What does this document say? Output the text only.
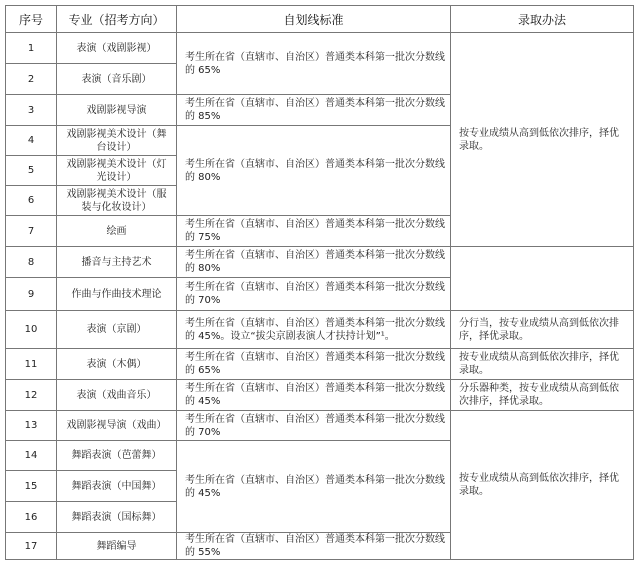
序号	专业（招考方向）	自划线标准	录取办法
1	表演（戏剧影视）	考生所在省（直辖市、自治区）普通类本科第一批次分数线的 65%	按专业成绩从高到低依次排序，择优录取。
2	表演（音乐剧）		
3	戏剧影视导演	考生所在省（直辖市、自治区）普通类本科第一批次分数线的 85%	
4	戏剧影视美术设计（舞台设计）	考生所在省（直辖市、自治区）普通类本科第一批次分数线的 80%	
5	戏剧影视美术设计（灯光设计）		
6	戏剧影视美术设计（服装与化妆设计）		
7	绘画	考生所在省（直辖市、自治区）普通类本科第一批次分数线的 75%	
8	播音与主持艺术	考生所在省（直辖市、自治区）普通类本科第一批次分数线的 80%	
9	作曲与作曲技术理论	考生所在省（直辖市、自治区）普通类本科第一批次分数线的 70%	
10	表演（京剧）	考生所在省（直辖市、自治区）普通类本科第一批次分数线的 45%。设立“拔尖京剧表演人才扶持计划”¹。	分行当，按专业成绩从高到低依次排序，择优录取。
11	表演（木偶）	考生所在省（直辖市、自治区）普通类本科第一批次分数线的 65%	按专业成绩从高到低依次排序，择优录取。
12	表演（戏曲音乐）	考生所在省（直辖市、自治区）普通类本科第一批次分数线的 45%	分乐器种类，按专业成绩从高到低依次排序，择优录取。
13	戏剧影视导演（戏曲）	考生所在省（直辖市、自治区）普通类本科第一批次分数线的 70%	按专业成绩从高到低依次排序，择优录取。
14	舞蹈表演（芭蕾舞）	考生所在省（直辖市、自治区）普通类本科第一批次分数线的 45%	
15	舞蹈表演（中国舞）		
16	舞蹈表演（国标舞）		
17	舞蹈编导	考生所在省（直辖市、自治区）普通类本科第一批次分数线的 55%	
